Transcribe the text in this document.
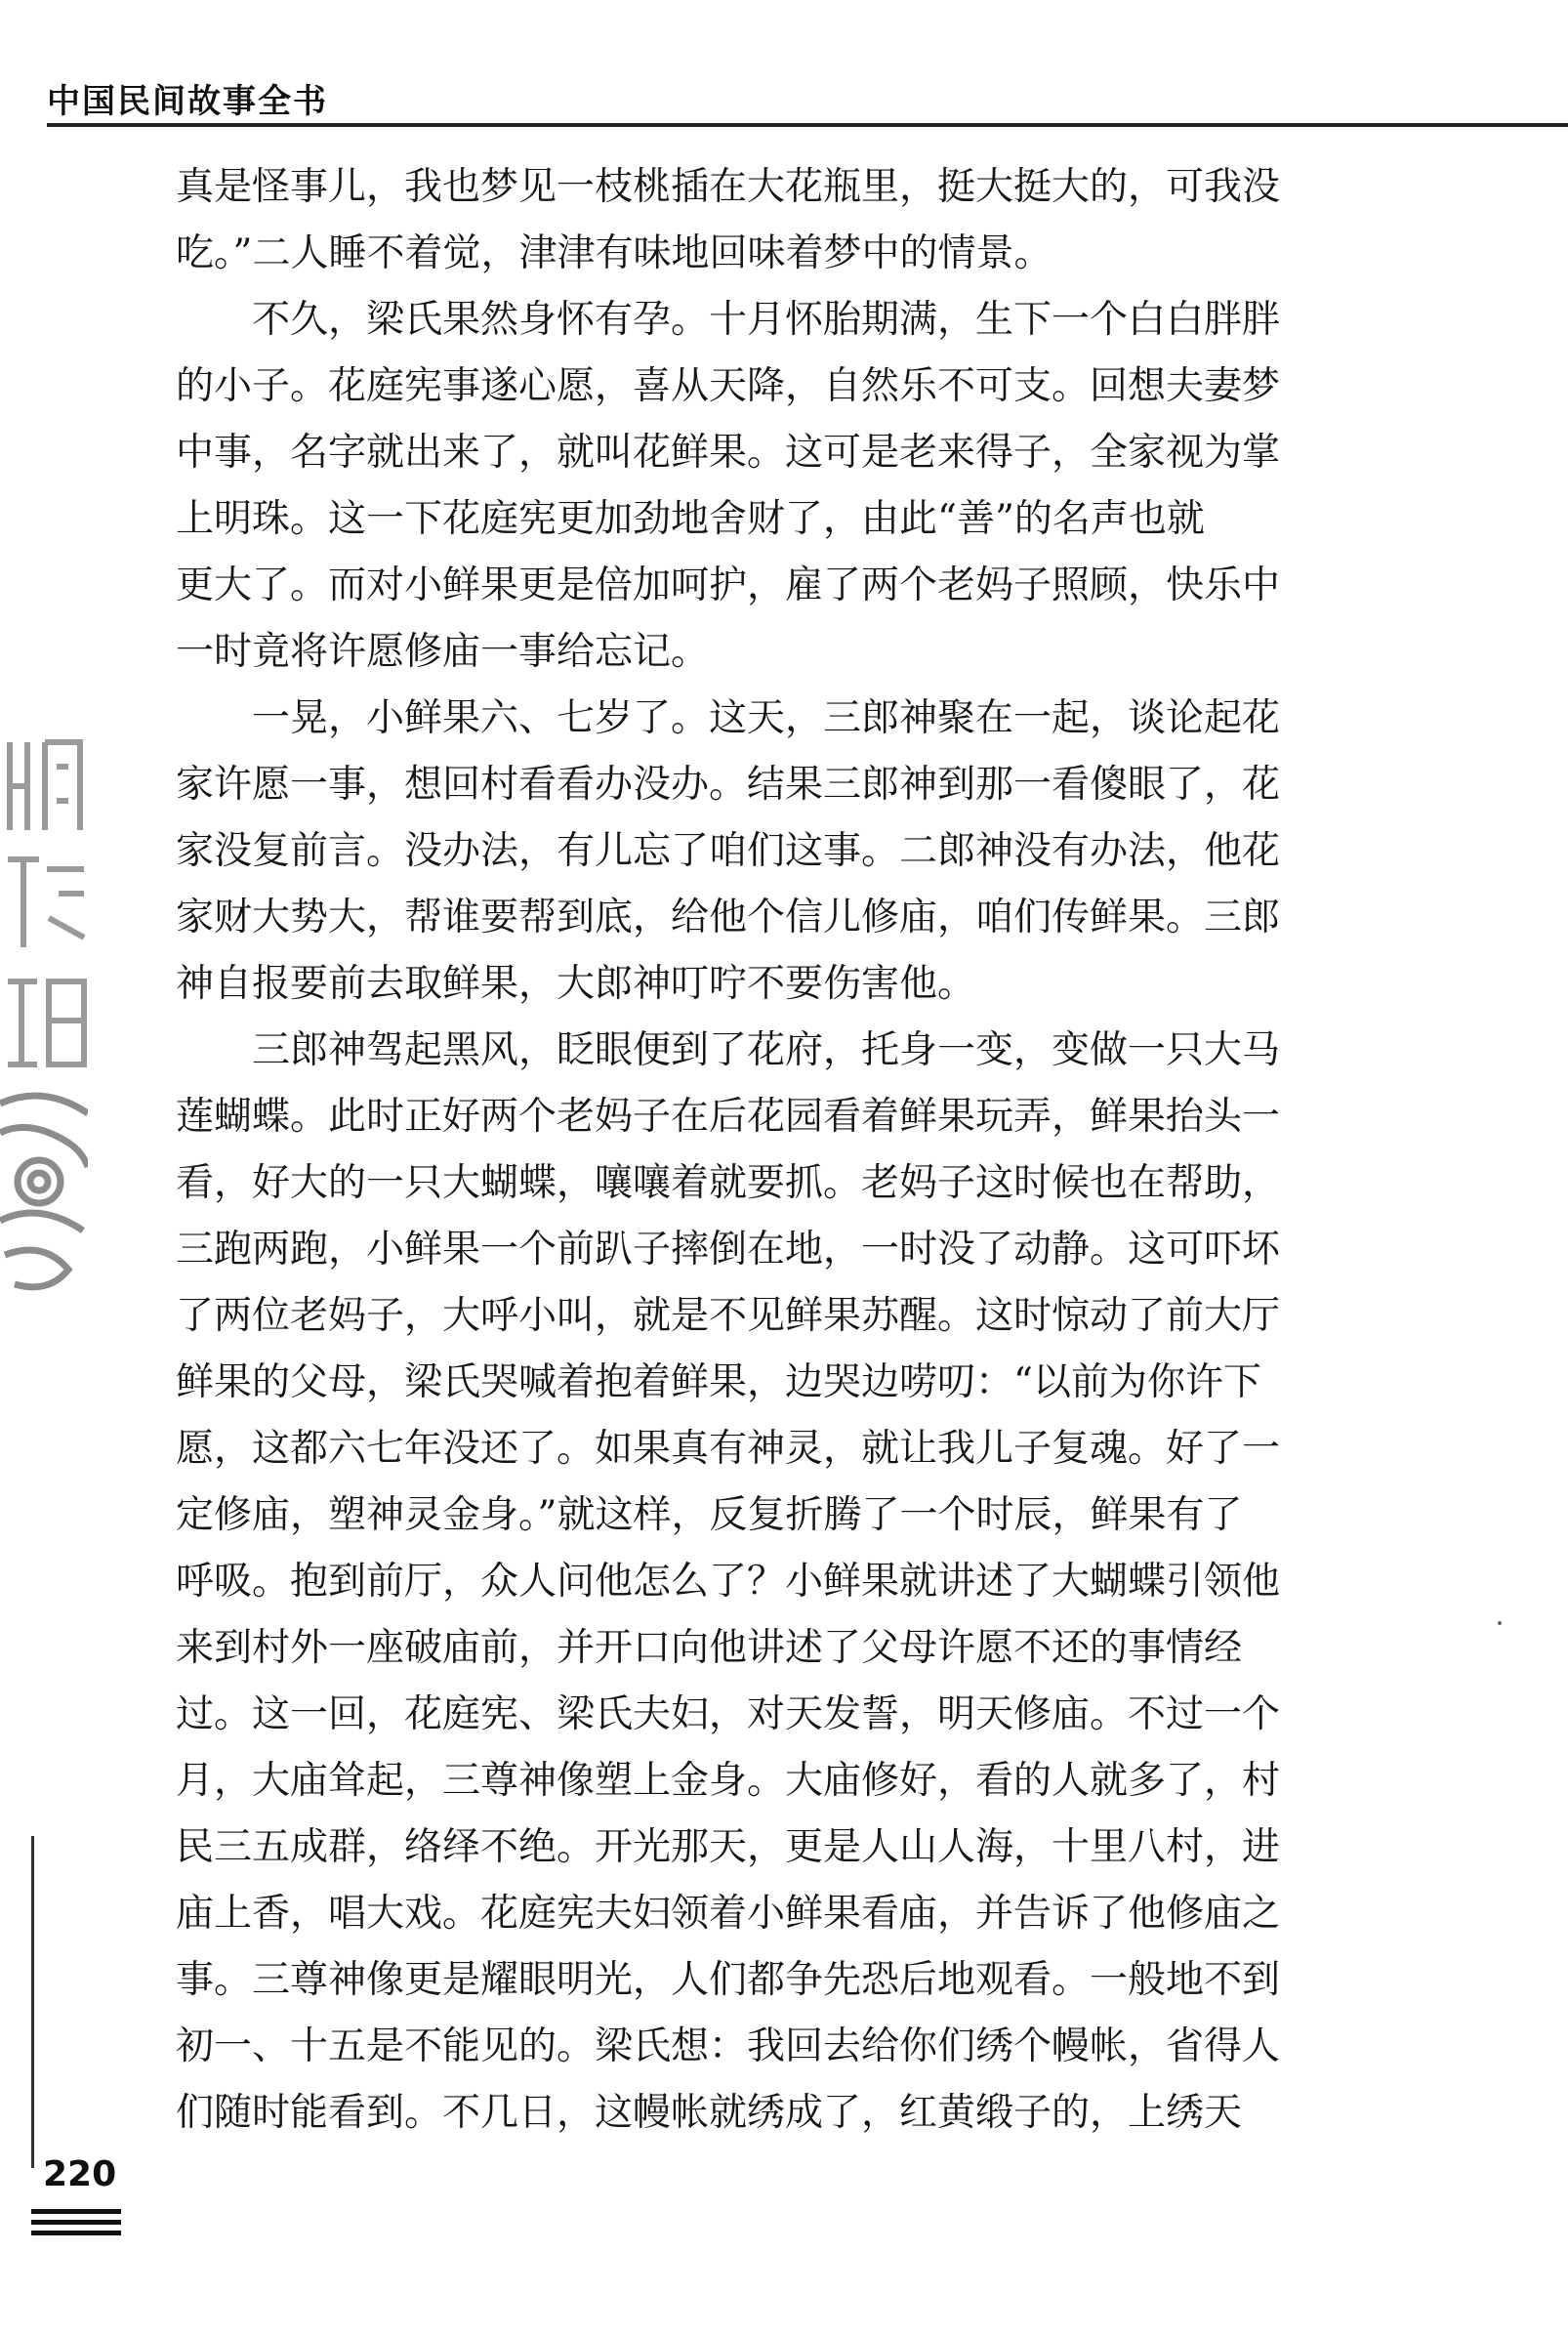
中国民间故事全书
真是怪事儿，我也梦见一枝桃插在大花瓶里，挺大挺大的，可我没
吃。”二人睡不着觉，津津有味地回味着梦中的情景。
　　不久，梁氏果然身怀有孕。十月怀胎期满，生下一个白白胖胖
的小子。花庭宪事遂心愿，喜从天降，自然乐不可支。回想夫妻梦
中事，名字就出来了，就叫花鲜果。这可是老来得子，全家视为掌
上明珠。这一下花庭宪更加劲地舍财了，由此“善”的名声也就
更大了。而对小鲜果更是倍加呵护，雇了两个老妈子照顾，快乐中
一时竟将许愿修庙一事给忘记。
　　一晃，小鲜果六、七岁了。这天，三郎神聚在一起，谈论起花
家许愿一事，想回村看看办没办。结果三郎神到那一看傻眼了，花
家没复前言。没办法，有儿忘了咱们这事。二郎神没有办法，他花
家财大势大，帮谁要帮到底，给他个信儿修庙，咱们传鲜果。三郎
神自报要前去取鲜果，大郎神叮咛不要伤害他。
　　三郎神驾起黑风，眨眼便到了花府，托身一变，变做一只大马
莲蝴蝶。此时正好两个老妈子在后花园看着鲜果玩弄，鲜果抬头一
看，好大的一只大蝴蝶，嚷嚷着就要抓。老妈子这时候也在帮助，
三跑两跑，小鲜果一个前趴子摔倒在地，一时没了动静。这可吓坏
了两位老妈子，大呼小叫，就是不见鲜果苏醒。这时惊动了前大厅
鲜果的父母，梁氏哭喊着抱着鲜果，边哭边唠叨：“以前为你许下
愿，这都六七年没还了。如果真有神灵，就让我儿子复魂。好了一
定修庙，塑神灵金身。”就这样，反复折腾了一个时辰，鲜果有了
呼吸。抱到前厅，众人问他怎么了？小鲜果就讲述了大蝴蝶引领他
来到村外一座破庙前，并开口向他讲述了父母许愿不还的事情经
过。这一回，花庭宪、梁氏夫妇，对天发誓，明天修庙。不过一个
月，大庙耸起，三尊神像塑上金身。大庙修好，看的人就多了，村
民三五成群，络绎不绝。开光那天，更是人山人海，十里八村，进
庙上香，唱大戏。花庭宪夫妇领着小鲜果看庙，并告诉了他修庙之
事。三尊神像更是耀眼明光，人们都争先恐后地观看。一般地不到
初一、十五是不能见的。梁氏想：我回去给你们绣个幔帐，省得人
们随时能看到。不几日，这幔帐就绣成了，红黄缎子的，上绣天
220
